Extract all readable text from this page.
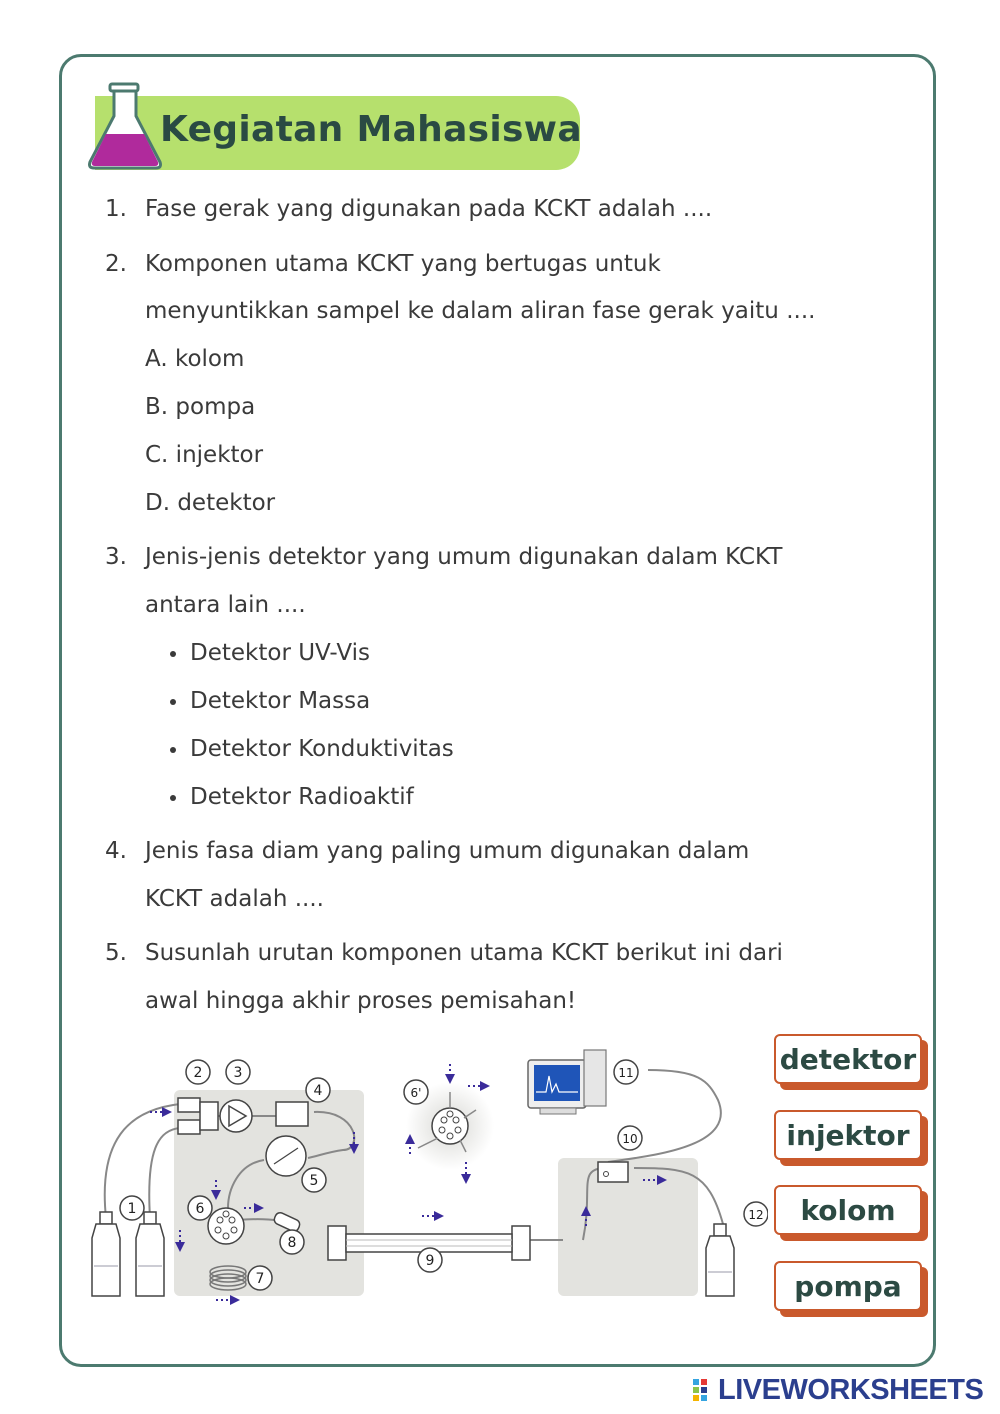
Kegiatan Mahasiswa
1. Fase gerak yang digunakan pada KCKT adalah ....
2. Komponen utama KCKT yang bertugas untuk
menyuntikkan sampel ke dalam aliran fase gerak yaitu ....
A. kolom
B. pompa
C. injektor
D. detektor
3. Jenis-jenis detektor yang umum digunakan dalam KCKT
antara lain ....
Detektor UV-Vis
Detektor Massa
Detektor Konduktivitas
Detektor Radioaktif
4. Jenis fasa diam yang paling umum digunakan dalam
KCKT adalah ....
5. Susunlah urutan komponen utama KCKT berikut ini dari
awal hingga akhir proses pemisahan!
1
2 3
4
5
6
6'
7
8
9
10
11
12
detektor
injektor
kolom
pompa
LIVEWORKSHEETS
